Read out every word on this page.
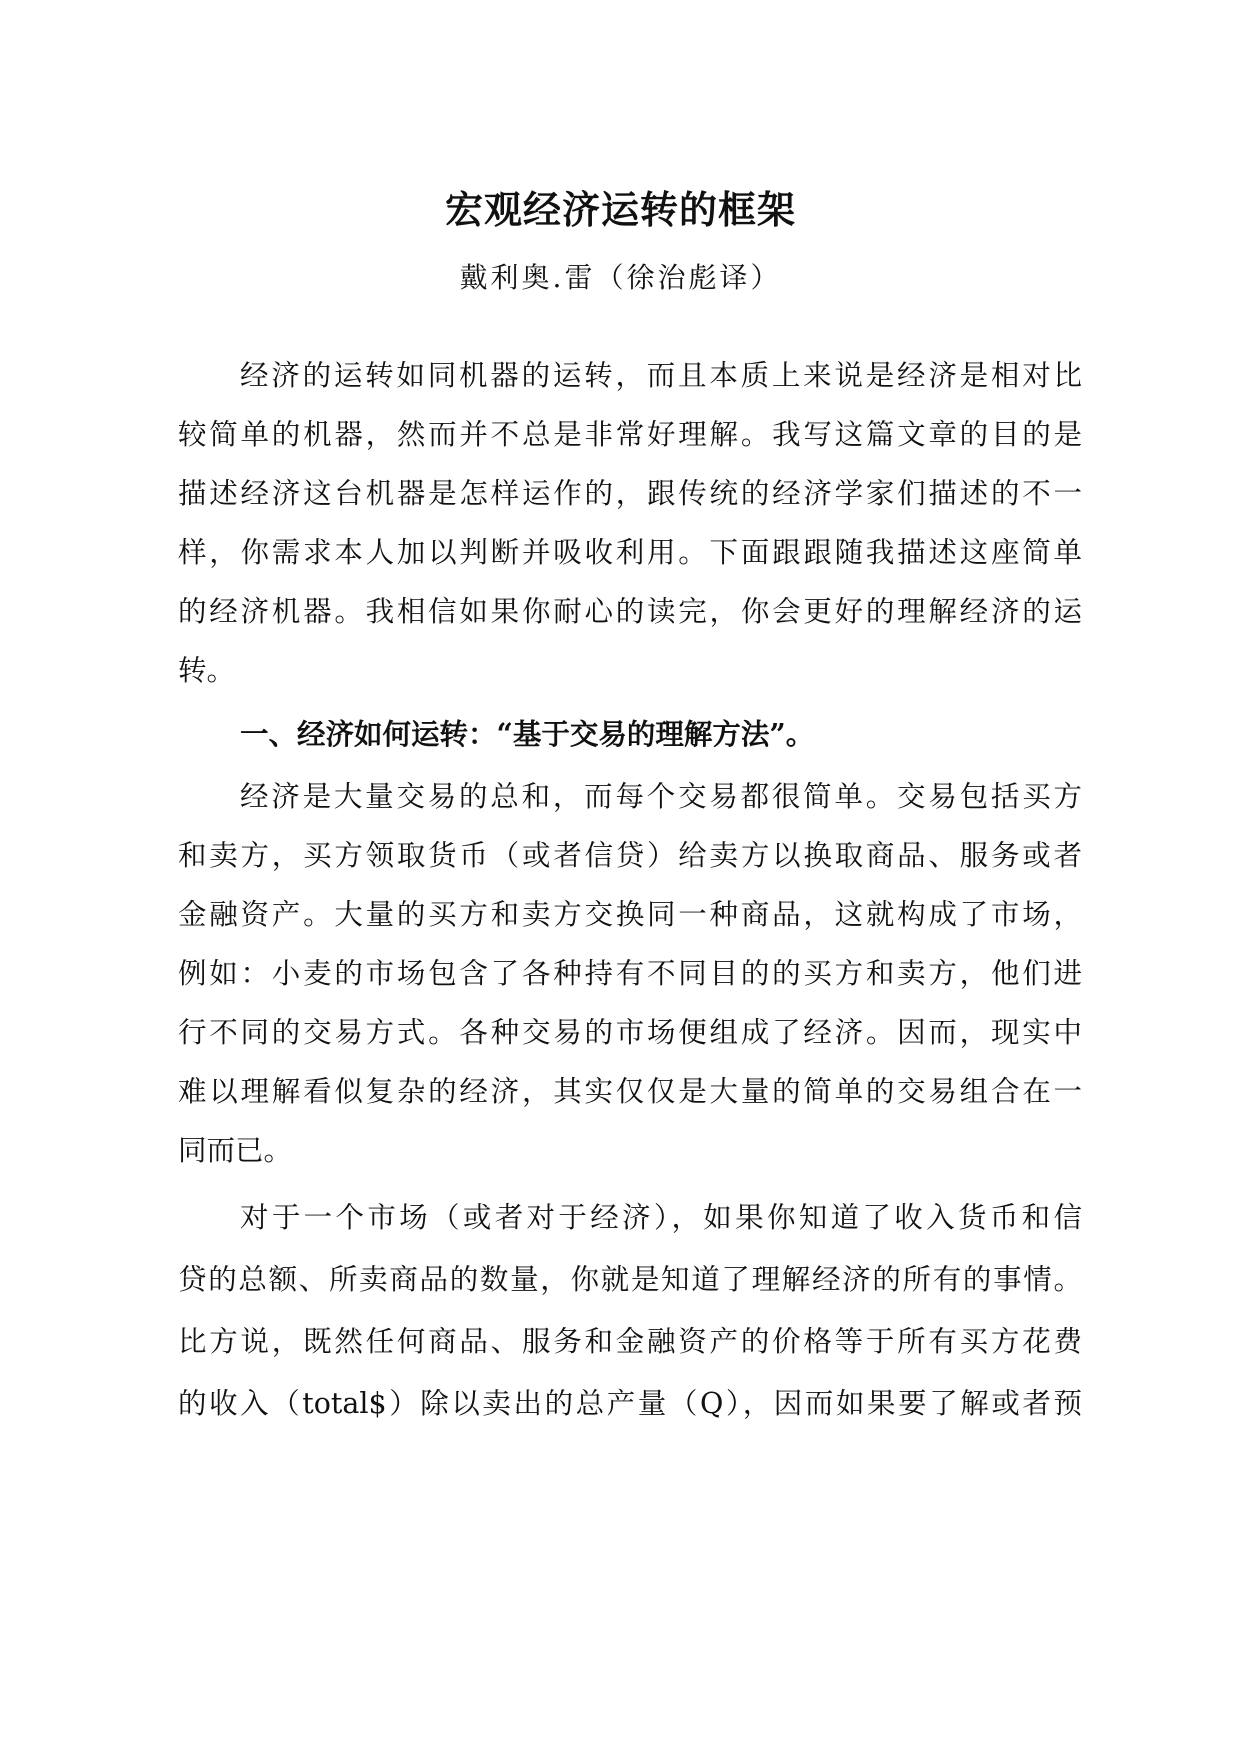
宏观经济运转的框架
戴利奥.雷（徐治彪译）
经济的运转如同机器的运转，而且本质上来说是经济是相对比
较简单的机器，然而并不总是非常好理解。我写这篇文章的目的是
描述经济这台机器是怎样运作的，跟传统的经济学家们描述的不一
样，你需求本人加以判断并吸收利用。下面跟跟随我描述这座简单
的经济机器。我相信如果你耐心的读完，你会更好的理解经济的运
转。
一、经济如何运转：“基于交易的理解方法”。
经济是大量交易的总和，而每个交易都很简单。交易包括买方
和卖方，买方领取货币（或者信贷）给卖方以换取商品、服务或者
金融资产。大量的买方和卖方交换同一种商品，这就构成了市场，
例如：小麦的市场包含了各种持有不同目的的买方和卖方，他们进
行不同的交易方式。各种交易的市场便组成了经济。因而，现实中
难以理解看似复杂的经济，其实仅仅是大量的简单的交易组合在一
同而已。
对于一个市场（或者对于经济），如果你知道了收入货币和信
贷的总额、所卖商品的数量，你就是知道了理解经济的所有的事情。
比方说，既然任何商品、服务和金融资产的价格等于所有买方花费
的收入（total$）除以卖出的总产量（Q），因而如果要了解或者预
